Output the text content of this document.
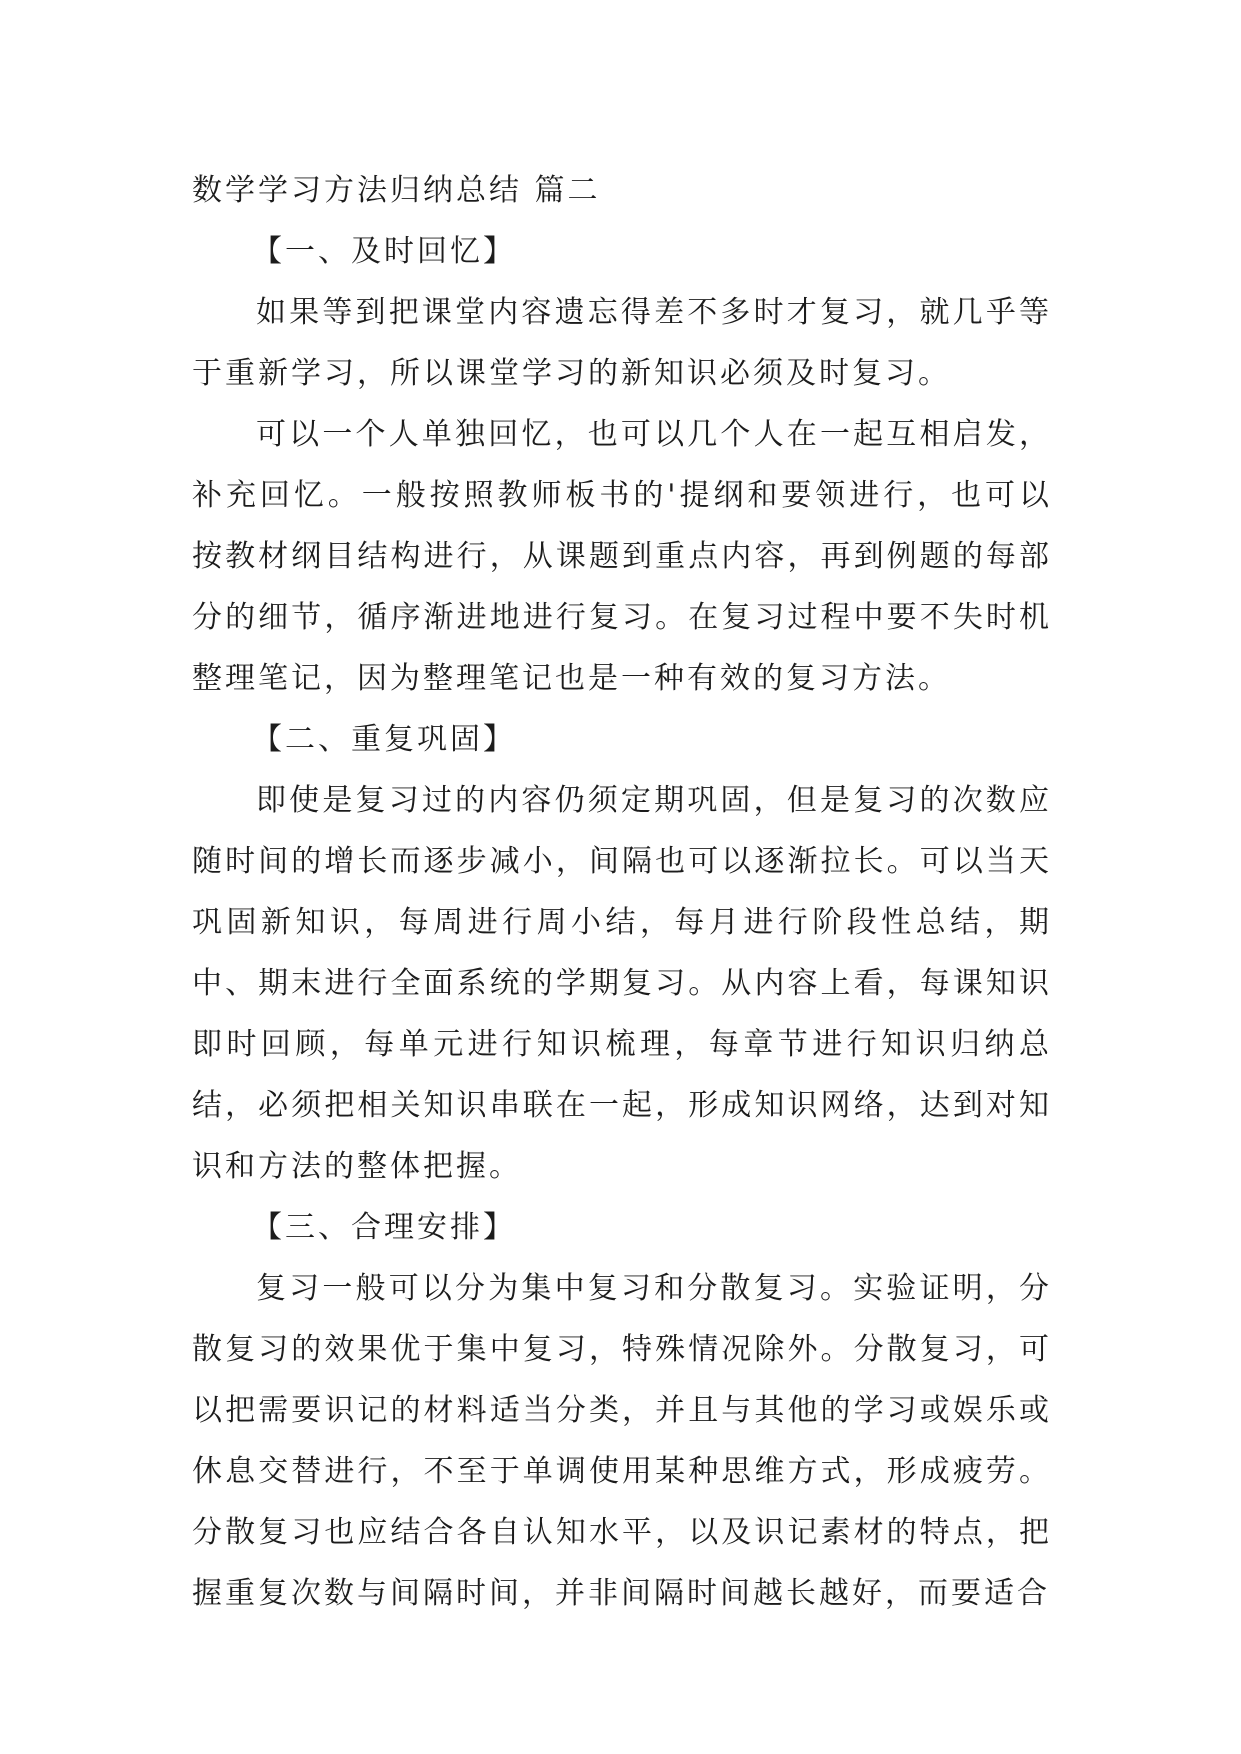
数学学习方法归纳总结 篇二
【一、及时回忆】

如果等到把课堂内容遗忘得差不多时才复习，就几乎等于重新学习，所以课堂学习的新知识必须及时复习。

可以一个人单独回忆，也可以几个人在一起互相启发，补充回忆。一般按照教师板书的'提纲和要领进行，也可以按教材纲目结构进行，从课题到重点内容，再到例题的每部分的细节，循序渐进地进行复习。在复习过程中要不失时机整理笔记，因为整理笔记也是一种有效的复习方法。

【二、重复巩固】

即使是复习过的内容仍须定期巩固，但是复习的次数应随时间的增长而逐步减小，间隔也可以逐渐拉长。可以当天巩固新知识，每周进行周小结，每月进行阶段性总结，期中、期末进行全面系统的学期复习。从内容上看，每课知识即时回顾，每单元进行知识梳理，每章节进行知识归纳总结，必须把相关知识串联在一起，形成知识网络，达到对知识和方法的整体把握。

【三、合理安排】

复习一般可以分为集中复习和分散复习。实验证明，分散复习的效果优于集中复习，特殊情况除外。分散复习，可以把需要识记的材料适当分类，并且与其他的学习或娱乐或休息交替进行，不至于单调使用某种思维方式，形成疲劳。分散复习也应结合各自认知水平，以及识记素材的特点，把握重复次数与间隔时间，并非间隔时间越长越好，而要适合
